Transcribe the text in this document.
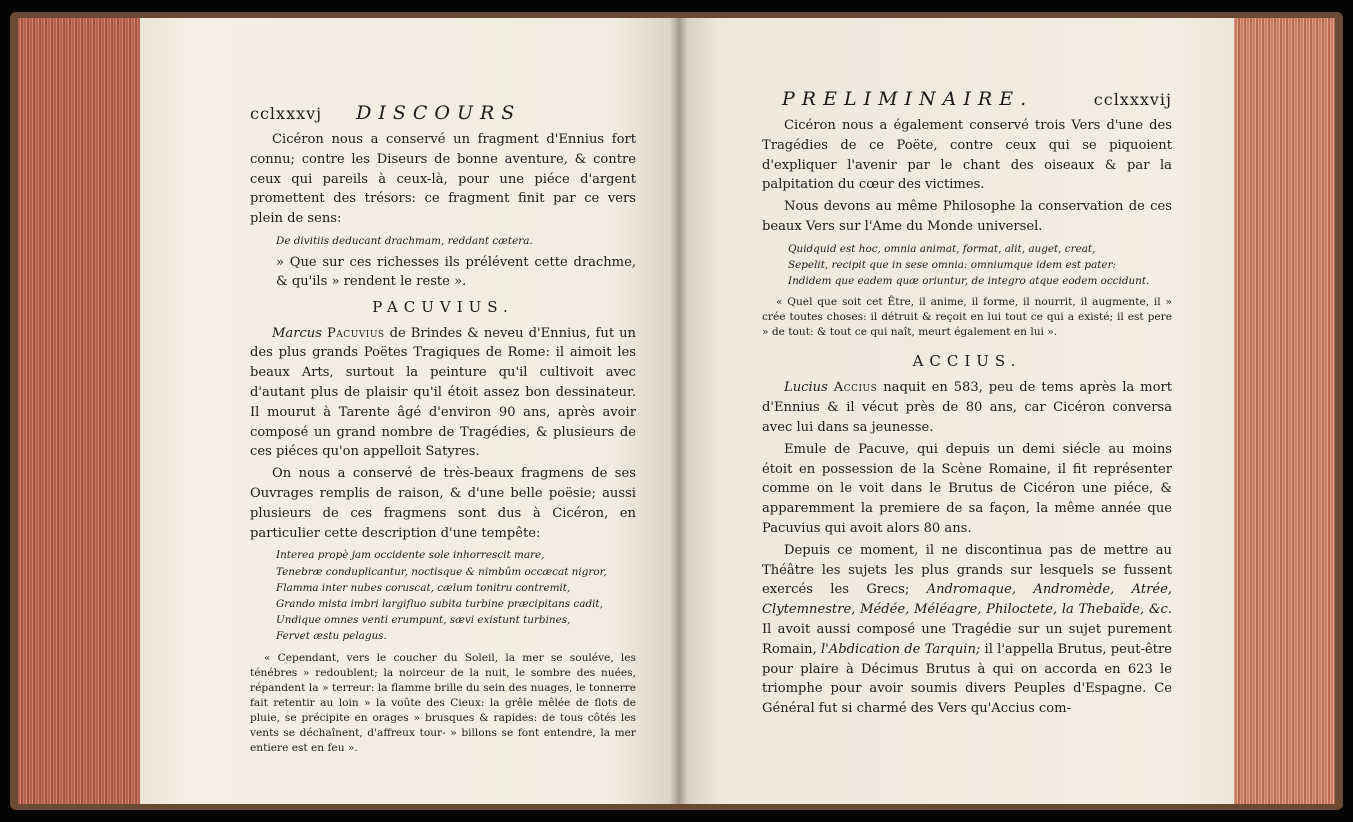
cclxxxvj DISCOURS

Cicéron nous a conservé un fragment d'Ennius fort connu; contre les Diseurs de bonne aventure, & contre ceux qui pareils à ceux-là, pour une piéce d'argent promettent des trésors: ce fragment finit par ce vers plein de sens:

De divitiis deducant drachmam, reddant cætera.

» Que sur ces richesses ils prélévent cette drachme, & qu'ils » rendent le reste ».

PACUVIUS.

Marcus Pacuvius de Brindes & neveu d'Ennius, fut un des plus grands Poëtes Tragiques de Rome: il aimoit les beaux Arts, surtout la peinture qu'il cultivoit avec d'autant plus de plaisir qu'il étoit assez bon dessinateur. Il mourut à Tarente âgé d'environ 90 ans, après avoir composé un grand nombre de Tragédies, & plusieurs de ces piéces qu'on appelloit Satyres.

On nous a conservé de très-beaux fragmens de ses Ouvrages remplis de raison, & d'une belle poësie; aussi plusieurs de ces fragmens sont dus à Cicéron, en particulier cette description d'une tempête:

Interea propè jam occidente sole inhorrescit mare,
Tenebræ conduplicantur, noctisque & nimbûm occæcat nigror,
Flamma inter nubes coruscat, cælum tonitru contremit,
Grando mista imbri largifluo subita turbine præcipitans cadit,
Undique omnes venti erumpunt, sævi existunt turbines,
Fervet æstu pelagus.

« Cependant, vers le coucher du Soleil, la mer se souléve, les ténébres » redoublent; la noirceur de la nuit, le sombre des nuées, répandent la » terreur: la flamme brille du sein des nuages, le tonnerre fait retentir au loin » la voûte des Cieux: la grêle mêlée de flots de pluie, se précipite en orages » brusques & rapides: de tous côtés les vents se déchaînent, d'affreux tour- » billons se font entendre, la mer entiere est en feu ».

PRELIMINAIRE.	cclxxxvij

Cicéron nous a également conservé trois Vers d'une des Tragédies de ce Poëte, contre ceux qui se piquoient d'expliquer l'avenir par le chant des oiseaux & par la palpitation du cœur des victimes.

Nous devons au même Philosophe la conservation de ces beaux Vers sur l'Ame du Monde universel.

Quidquid est hoc, omnia animat, format, alit, auget, creat,
Sepelit, recipit que in sese omnia: omniumque idem est pater:
Indidem que eadem quæ oriuntur, de integro atque eodem occidunt.

« Quel que soit cet Être, il anime, il forme, il nourrit, il augmente, il » crée toutes choses: il détruit & reçoit en lui tout ce qui a existé; il est pere » de tout: & tout ce qui naît, meurt également en lui ».

ACCIUS.

Lucius Accius naquit en 583, peu de tems après la mort d'Ennius & il vécut près de 80 ans, car Cicéron conversa avec lui dans sa jeunesse.

Emule de Pacuve, qui depuis un demi siécle au moins étoit en possession de la Scène Romaine, il fit représenter comme on le voit dans le Brutus de Cicéron une piéce, & apparemment la premiere de sa façon, la même année que Pacuvius qui avoit alors 80 ans.

Depuis ce moment, il ne discontinua pas de mettre au Théâtre les sujets les plus grands sur lesquels se fussent exercés les Grecs; Andromaque, Andromède, Atrée, Clytemnestre, Médée, Méléagre, Philoctete, la Thebaïde, &c. Il avoit aussi composé une Tragédie sur un sujet purement Romain, l'Abdication de Tarquin; il l'appella Brutus, peut-être pour plaire à Décimus Brutus à qui on accorda en 623 le triomphe pour avoir soumis divers Peuples d'Espagne. Ce Général fut si charmé des Vers qu'Accius com-
